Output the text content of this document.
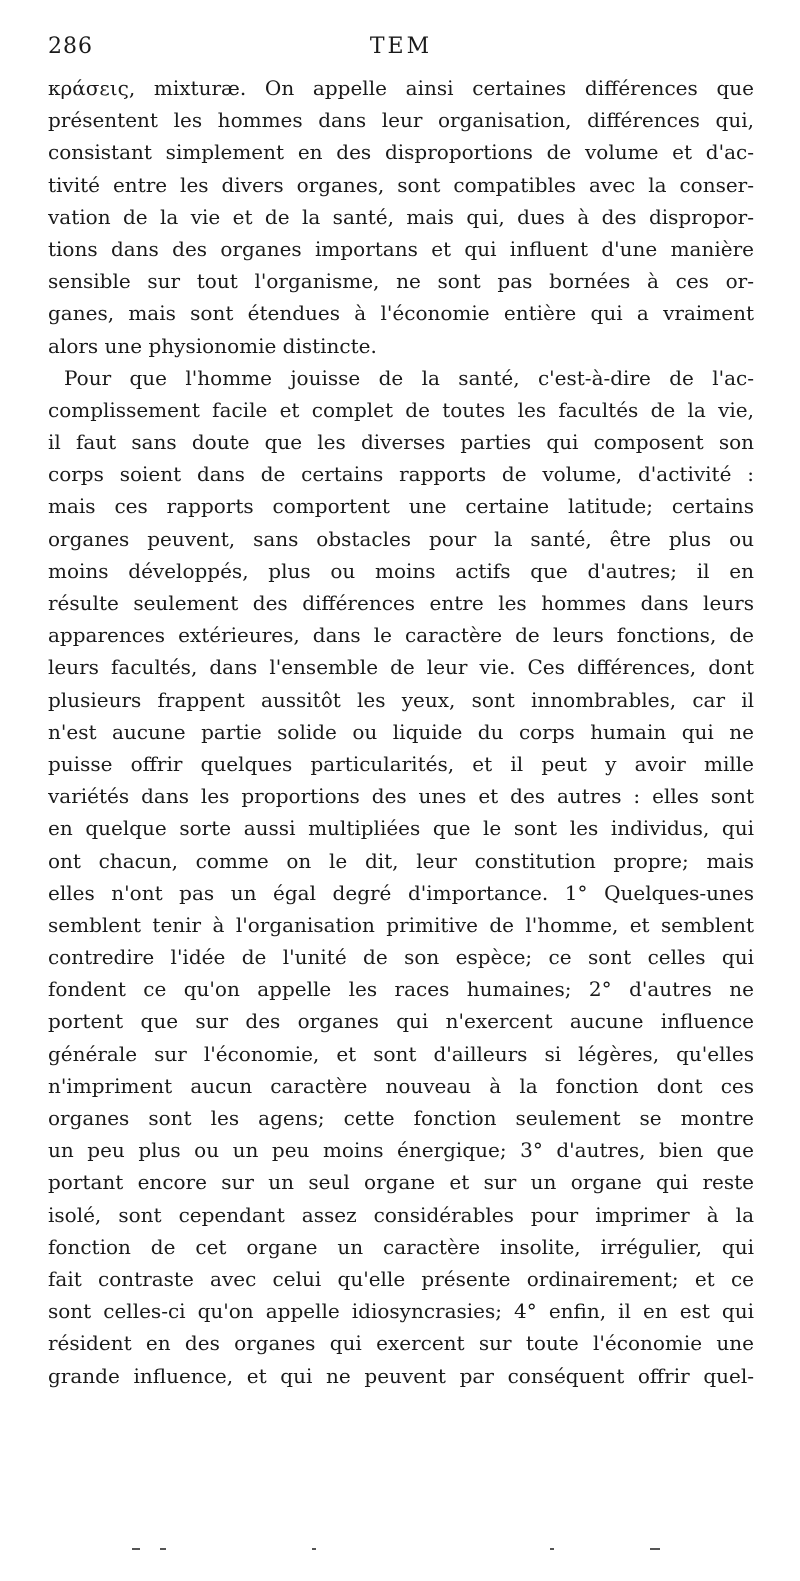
286	TEM
κράσεις, mixturæ. On appelle ainsi certaines différences que
présentent les hommes dans leur organisation, différences qui,
consistant simplement en des disproportions de volume et d'ac-
tivité entre les divers organes, sont compatibles avec la conser-
vation de la vie et de la santé, mais qui, dues à des dispropor-
tions dans des organes importans et qui influent d'une manière
sensible sur tout l'organisme, ne sont pas bornées à ces or-
ganes, mais sont étendues à l'économie entière qui a vraiment
alors une physionomie distincte.
Pour que l'homme jouisse de la santé, c'est-à-dire de l'ac-
complissement facile et complet de toutes les facultés de la vie,
il faut sans doute que les diverses parties qui composent son
corps soient dans de certains rapports de volume, d'activité :
mais ces rapports comportent une certaine latitude; certains
organes peuvent, sans obstacles pour la santé, être plus ou
moins développés, plus ou moins actifs que d'autres; il en
résulte seulement des différences entre les hommes dans leurs
apparences extérieures, dans le caractère de leurs fonctions, de
leurs facultés, dans l'ensemble de leur vie. Ces différences, dont
plusieurs frappent aussitôt les yeux, sont innombrables, car il
n'est aucune partie solide ou liquide du corps humain qui ne
puisse offrir quelques particularités, et il peut y avoir mille
variétés dans les proportions des unes et des autres : elles sont
en quelque sorte aussi multipliées que le sont les individus, qui
ont chacun, comme on le dit, leur constitution propre; mais
elles n'ont pas un égal degré d'importance. 1° Quelques-unes
semblent tenir à l'organisation primitive de l'homme, et semblent
contredire l'idée de l'unité de son espèce; ce sont celles qui
fondent ce qu'on appelle les races humaines; 2° d'autres ne
portent que sur des organes qui n'exercent aucune influence
générale sur l'économie, et sont d'ailleurs si légères, qu'elles
n'impriment aucun caractère nouveau à la fonction dont ces
organes sont les agens; cette fonction seulement se montre
un peu plus ou un peu moins énergique; 3° d'autres, bien que
portant encore sur un seul organe et sur un organe qui reste
isolé, sont cependant assez considérables pour imprimer à la
fonction de cet organe un caractère insolite, irrégulier, qui
fait contraste avec celui qu'elle présente ordinairement; et ce
sont celles-ci qu'on appelle idiosyncrasies; 4° enfin, il en est qui
résident en des organes qui exercent sur toute l'économie une
grande influence, et qui ne peuvent par conséquent offrir quel-
